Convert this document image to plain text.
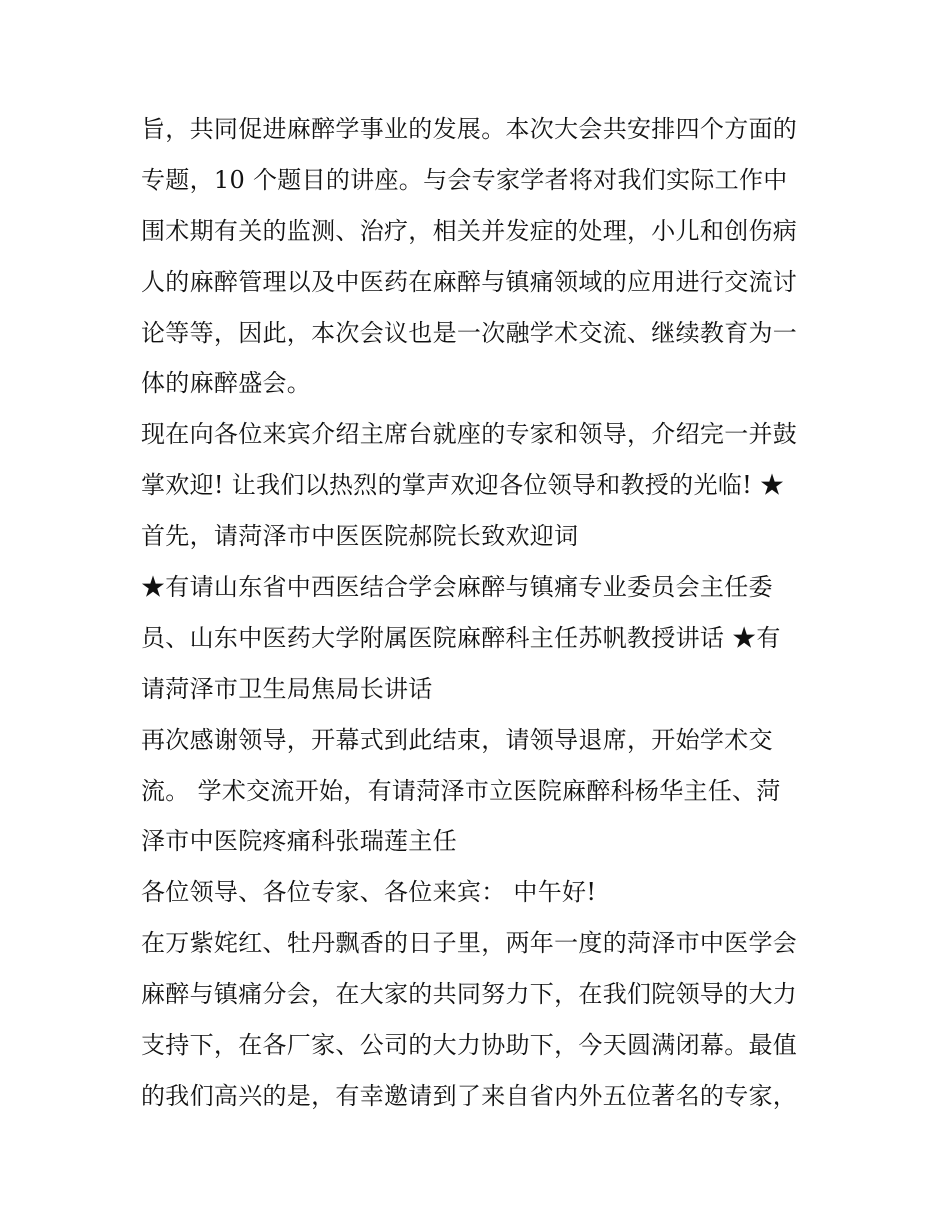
旨，共同促进麻醉学事业的发展。本次大会共安排四个方面的
专题，10 个题目的讲座。与会专家学者将对我们实际工作中
围术期有关的监测、治疗，相关并发症的处理，小儿和创伤病
人的麻醉管理以及中医药在麻醉与镇痛领域的应用进行交流讨
论等等，因此，本次会议也是一次融学术交流、继续教育为一
体的麻醉盛会。
现在向各位来宾介绍主席台就座的专家和领导，介绍完一并鼓
掌欢迎! 让我们以热烈的掌声欢迎各位领导和教授的光临! ★
首先，请菏泽市中医医院郝院长致欢迎词
★有请山东省中西医结合学会麻醉与镇痛专业委员会主任委
员、山东中医药大学附属医院麻醉科主任苏帆教授讲话 ★有
请菏泽市卫生局焦局长讲话
再次感谢领导，开幕式到此结束，请领导退席，开始学术交
流。 学术交流开始，有请菏泽市立医院麻醉科杨华主任、菏
泽市中医院疼痛科张瑞莲主任
各位领导、各位专家、各位来宾： 中午好!
在万紫姹红、牡丹飘香的日子里，两年一度的菏泽市中医学会
麻醉与镇痛分会，在大家的共同努力下，在我们院领导的大力
支持下，在各厂家、公司的大力协助下，今天圆满闭幕。最值
的我们高兴的是，有幸邀请到了来自省内外五位著名的专家，
